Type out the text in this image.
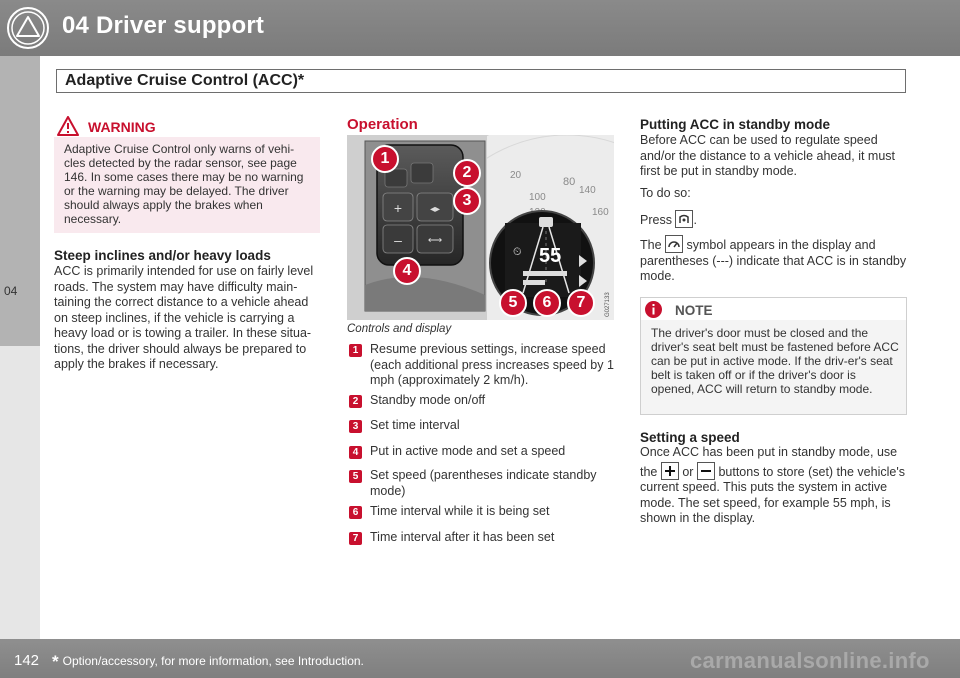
04 Driver support
Adaptive Cruise Control (ACC)*
04
WARNING
Adaptive Cruise Control only warns of vehi-cles detected by the radar sensor, see page 146. In some cases there may be no warning or the warning may be delayed. The driver should always apply the brakes when necessary.
Steep inclines and/or heavy loads
ACC is primarily intended for use on fairly level roads. The system may have difficulty main-taining the correct distance to a vehicle ahead on steep inclines, if the vehicle is carrying a heavy load or is towing a trailer. In these situa-tions, the driver should always be prepared to apply the brakes if necessary.
Operation
+
–
◂▸
⟷
20
80
100
140
160
55
⏲
G027133
1
2
3
4
5	6	7
Controls and display
1 Resume previous settings, increase speed (each additional press increases speed by 1 mph (approximately 2 km/h).
2 Standby mode on/off
3 Set time interval
4 Put in active mode and set a speed
5 Set speed (parentheses indicate standby mode)
6 Time interval while it is being set
7 Time interval after it has been set
Putting ACC in standby mode
Before ACC can be used to regulate speed and/or the distance to a vehicle ahead, it must first be put in standby mode.
To do so:
Press .
The symbol appears in the display and parentheses (---) indicate that ACC is in standby mode.
NOTE
The driver's door must be closed and the driver's seat belt must be fastened before ACC can be put in active mode. If the driv-er's seat belt is taken off or if the driver's door is opened, ACC will return to standby mode.
Setting a speed
Once ACC has been put in standby mode, use
the or buttons to store (set) the vehicle's
current speed. This puts the system in active mode. The set speed, for example 55 mph, is shown in the display.
142 * Option/accessory, for more information, see Introduction.	carmanualsonline.info
